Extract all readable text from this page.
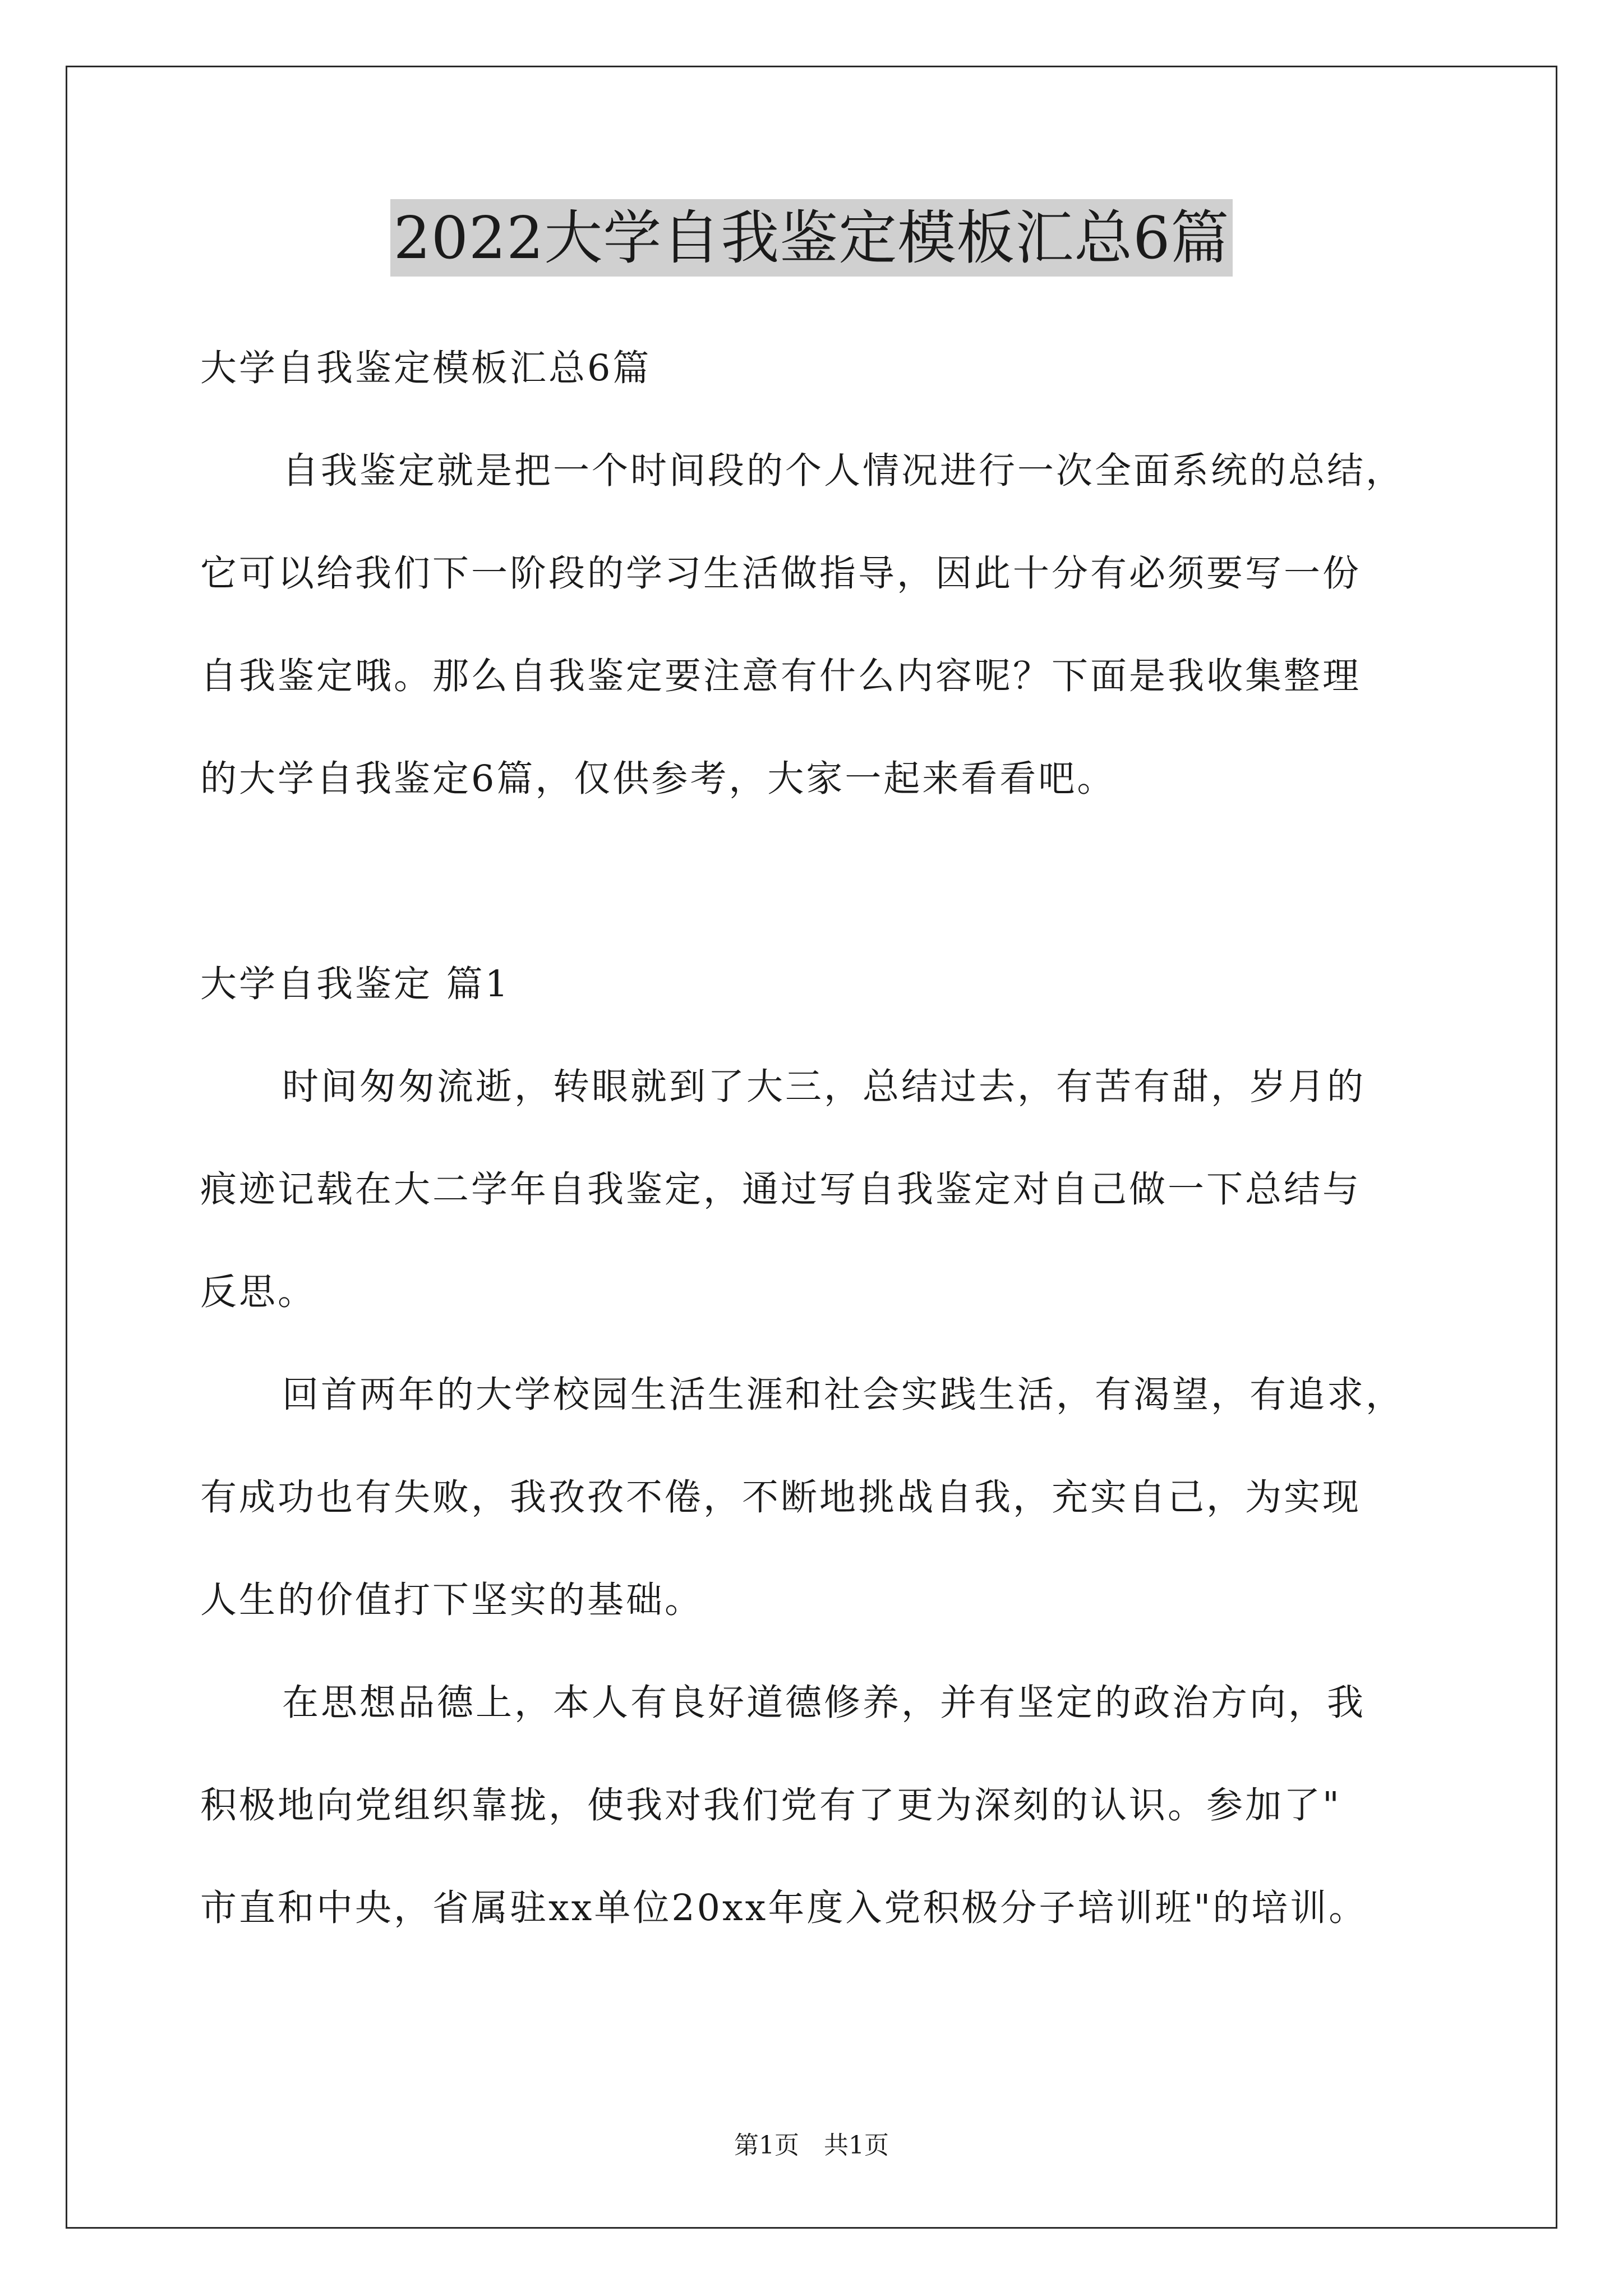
2022大学自我鉴定模板汇总6篇
大学自我鉴定模板汇总6篇
自我鉴定就是把一个时间段的个人情况进行一次全面系统的总结，
它可以给我们下一阶段的学习生活做指导，因此十分有必须要写一份
自我鉴定哦。那么自我鉴定要注意有什么内容呢？下面是我收集整理
的大学自我鉴定6篇，仅供参考，大家一起来看看吧。
大学自我鉴定 篇1
时间匆匆流逝，转眼就到了大三，总结过去，有苦有甜，岁月的
痕迹记载在大二学年自我鉴定，通过写自我鉴定对自己做一下总结与
反思。
回首两年的大学校园生活生涯和社会实践生活，有渴望，有追求，
有成功也有失败，我孜孜不倦，不断地挑战自我，充实自己，为实现
人生的价值打下坚实的基础。
在思想品德上，本人有良好道德修养，并有坚定的政治方向，我
积极地向党组织靠拢，使我对我们党有了更为深刻的认识。参加了"
市直和中央，省属驻xx单位20xx年度入党积极分子培训班"的培训。
第1页　共1页
